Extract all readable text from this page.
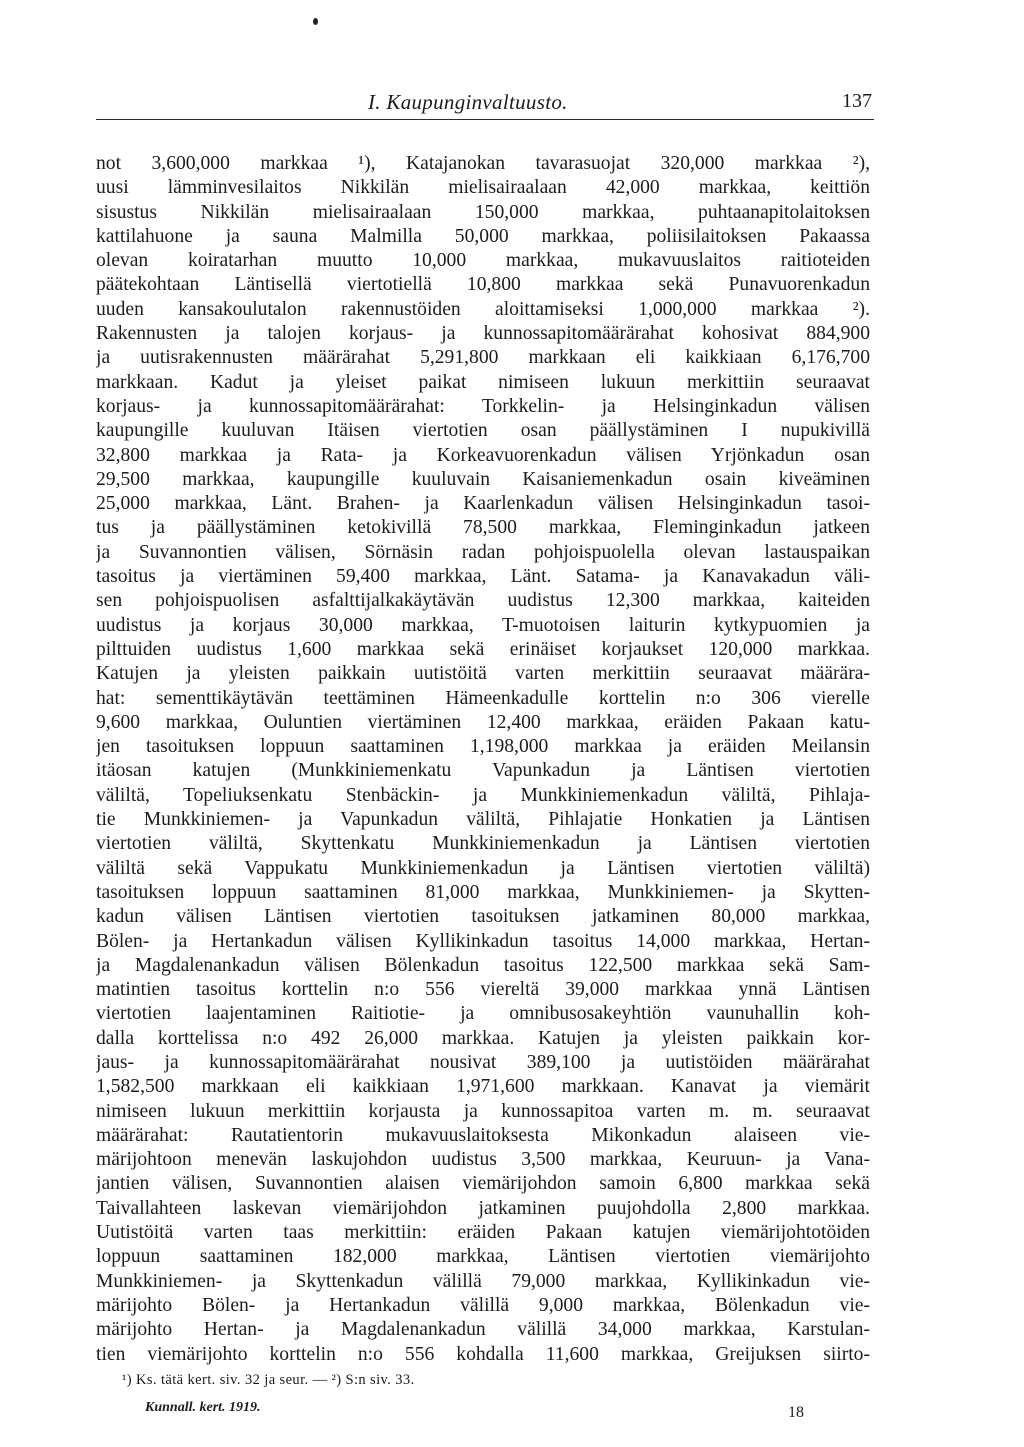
I. Kaupunginvaltuusto.	137
not 3,600,000 markkaa ¹), Katajanokan tavarasuojat 320,000 markkaa ²),
uusi lämminvesilaitos Nikkilän mielisairaalaan 42,000 markkaa, keittiön
sisustus Nikkilän mielisairaalaan 150,000 markkaa, puhtaanapitolaitoksen
kattilahuone ja sauna Malmilla 50,000 markkaa, poliisilaitoksen Pakaassa
olevan koiratarhan muutto 10,000 markkaa, mukavuuslaitos raitioteiden
päätekohtaan Läntisellä viertotiellä 10,800 markkaa sekä Punavuorenkadun
uuden kansakoulutalon rakennustöiden aloittamiseksi 1,000,000 markkaa ²).
Rakennusten ja talojen korjaus- ja kunnossapitomäärärahat kohosivat 884,900
ja uutisrakennusten määrärahat 5,291,800 markkaan eli kaikkiaan 6,176,700
markkaan. Kadut ja yleiset paikat nimiseen lukuun merkittiin seuraavat
korjaus- ja kunnossapitomäärärahat: Torkkelin- ja Helsinginkadun välisen
kaupungille kuuluvan Itäisen viertotien osan päällystäminen I nupukivillä
32,800 markkaa ja Rata- ja Korkeavuorenkadun välisen Yrjönkadun osan
29,500 markkaa, kaupungille kuuluvain Kaisaniemenkadun osain kiveäminen
25,000 markkaa, Länt. Brahen- ja Kaarlenkadun välisen Helsinginkadun tasoi-
tus ja päällystäminen ketokivillä 78,500 markkaa, Fleminginkadun jatkeen
ja Suvannontien välisen, Sörnäsin radan pohjoispuolella olevan lastauspaikan
tasoitus ja viertäminen 59,400 markkaa, Länt. Satama- ja Kanavakadun väli-
sen pohjoispuolisen asfalttijalkakäytävän uudistus 12,300 markkaa, kaiteiden
uudistus ja korjaus 30,000 markkaa, T-muotoisen laiturin kytkypuomien ja
pilttuiden uudistus 1,600 markkaa sekä erinäiset korjaukset 120,000 markkaa.
Katujen ja yleisten paikkain uutistöitä varten merkittiin seuraavat määrära-
hat: sementtikäytävän teettäminen Hämeenkadulle korttelin n:o 306 vierelle
9,600 markkaa, Ouluntien viertäminen 12,400 markkaa, eräiden Pakaan katu-
jen tasoituksen loppuun saattaminen 1,198,000 markkaa ja eräiden Meilansin
itäosan katujen (Munkkiniemenkatu Vapunkadun ja Läntisen viertotien
väliltä, Topeliuksenkatu Stenbäckin- ja Munkkiniemenkadun väliltä, Pihlaja-
tie Munkkiniemen- ja Vapunkadun väliltä, Pihlajatie Honkatien ja Läntisen
viertotien väliltä, Skyttenkatu Munkkiniemenkadun ja Läntisen viertotien
väliltä sekä Vappukatu Munkkiniemenkadun ja Läntisen viertotien väliltä)
tasoituksen loppuun saattaminen 81,000 markkaa, Munkkiniemen- ja Skytten-
kadun välisen Läntisen viertotien tasoituksen jatkaminen 80,000 markkaa,
Bölen- ja Hertankadun välisen Kyllikinkadun tasoitus 14,000 markkaa, Hertan-
ja Magdalenankadun välisen Bölenkadun tasoitus 122,500 markkaa sekä Sam-
matintien tasoitus korttelin n:o 556 viereltä 39,000 markkaa ynnä Läntisen
viertotien laajentaminen Raitiotie- ja omnibusosakeyhtiön vaunuhallin koh-
dalla korttelissa n:o 492 26,000 markkaa. Katujen ja yleisten paikkain kor-
jaus- ja kunnossapitomäärärahat nousivat 389,100 ja uutistöiden määrärahat
1,582,500 markkaan eli kaikkiaan 1,971,600 markkaan. Kanavat ja viemärit
nimiseen lukuun merkittiin korjausta ja kunnossapitoa varten m. m. seuraavat
määrärahat: Rautatientorin mukavuuslaitoksesta Mikonkadun alaiseen vie-
märijohtoon menevän laskujohdon uudistus 3,500 markkaa, Keuruun- ja Vana-
jantien välisen, Suvannontien alaisen viemärijohdon samoin 6,800 markkaa sekä
Taivallahteen laskevan viemärijohdon jatkaminen puujohdolla 2,800 markkaa.
Uutistöitä varten taas merkittiin: eräiden Pakaan katujen viemärijohtotöiden
loppuun saattaminen 182,000 markkaa, Läntisen viertotien viemärijohto
Munkkiniemen- ja Skyttenkadun välillä 79,000 markkaa, Kyllikinkadun vie-
märijohto Bölen- ja Hertankadun välillä 9,000 markkaa, Bölenkadun vie-
märijohto Hertan- ja Magdalenankadun välillä 34,000 markkaa, Karstulan-
tien viemärijohto korttelin n:o 556 kohdalla 11,600 markkaa, Greijuksen siirto-
¹) Ks. tätä kert. siv. 32 ja seur. — ²) S:n siv. 33.
Kunnall. kert. 1919.	18
